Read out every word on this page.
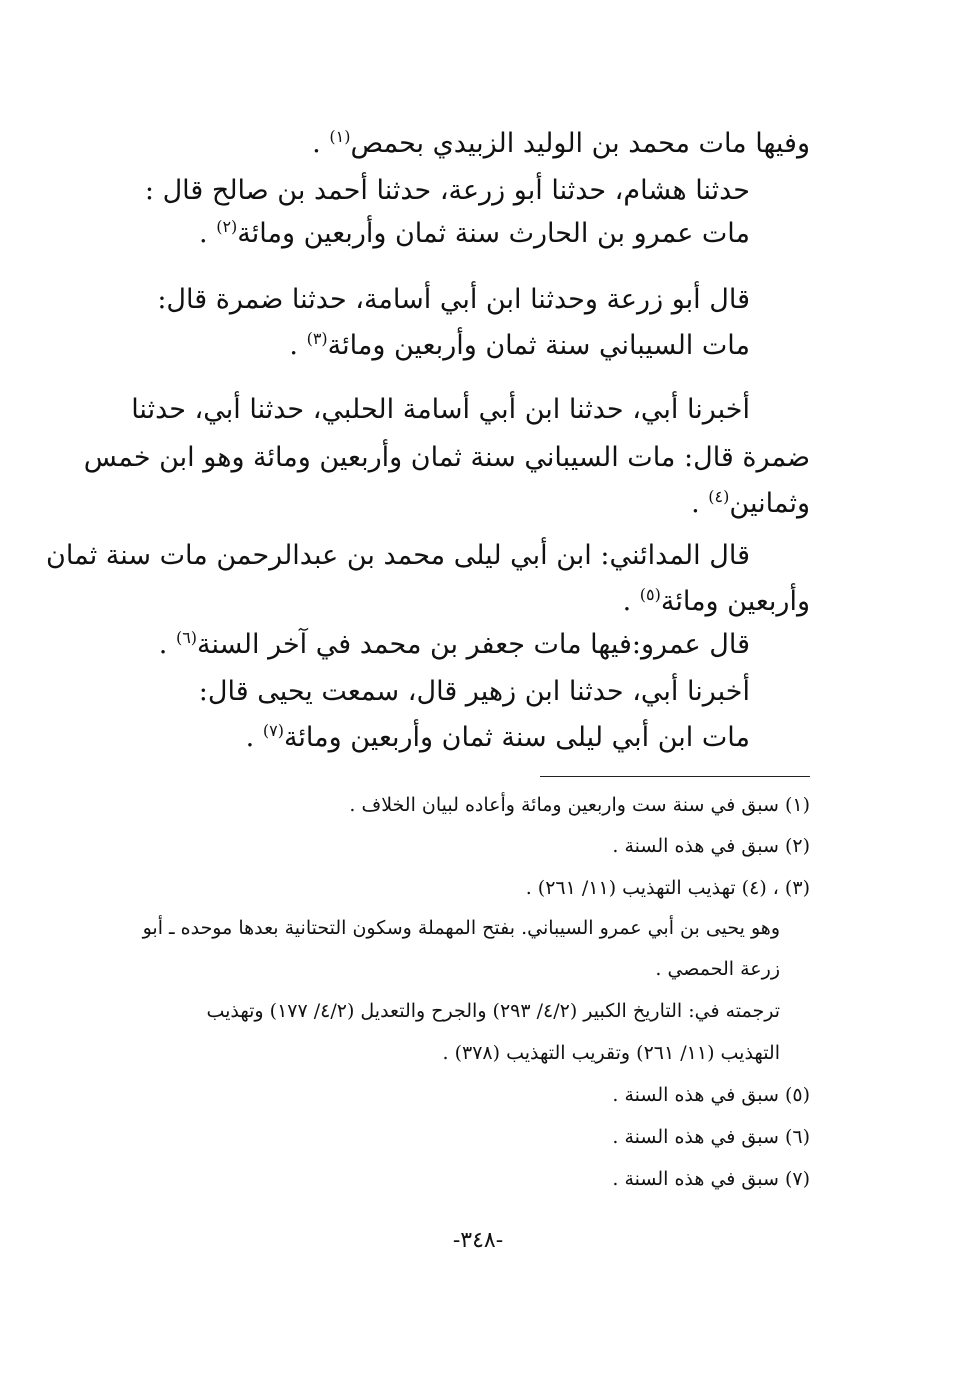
وفيها مات محمد بن الوليد الزبيدي بحمص$^{(١)}$ .
حدثنا هشام، حدثنا أبو زرعة، حدثنا أحمد بن صالح قال :
مات عمرو بن الحارث سنة ثمان وأربعين ومائة$^{(٢)}$ .
قال أبو زرعة وحدثنا ابن أبي أسامة، حدثنا ضمرة قال:
مات السيباني سنة ثمان وأربعين ومائة$^{(٣)}$ .
أخبرنا أبي، حدثنا ابن أبي أسامة الحلبي، حدثنا أبي، حدثنا
ضمرة قال: مات السيباني سنة ثمان وأربعين ومائة وهو ابن خمس
وثمانين$^{(٤)}$ .
قال المدائني: ابن أبي ليلى محمد بن عبدالرحمن مات سنة ثمان
وأربعين ومائة$^{(٥)}$ .
قال عمرو:فيها مات جعفر بن محمد في آخر السنة$^{(٦)}$ .
أخبرنا أبي، حدثنا ابن زهير قال، سمعت يحيى قال:
مات ابن أبي ليلى سنة ثمان وأربعين ومائة$^{(٧)}$ .
(١) سبق في سنة ست واربعين ومائة وأعاده لبيان الخلاف .
(٢) سبق في هذه السنة .
(٣) ، (٤) تهذيب التهذيب (١١/ ٢٦١) .
وهو يحيى بن أبي عمرو السيباني. بفتح المهملة وسكون التحتانية بعدها موحده ـ أبو
زرعة الحمصي .
ترجمته في: التاريخ الكبير (٤/٢/ ٢٩٣) والجرح والتعديل (٤/٢/ ١٧٧) وتهذيب
التهذيب (١١/ ٢٦١) وتقريب التهذيب (٣٧٨) .
(٥) سبق في هذه السنة .
(٦) سبق في هذه السنة .
(٧) سبق في هذه السنة .
-٣٤٨-
